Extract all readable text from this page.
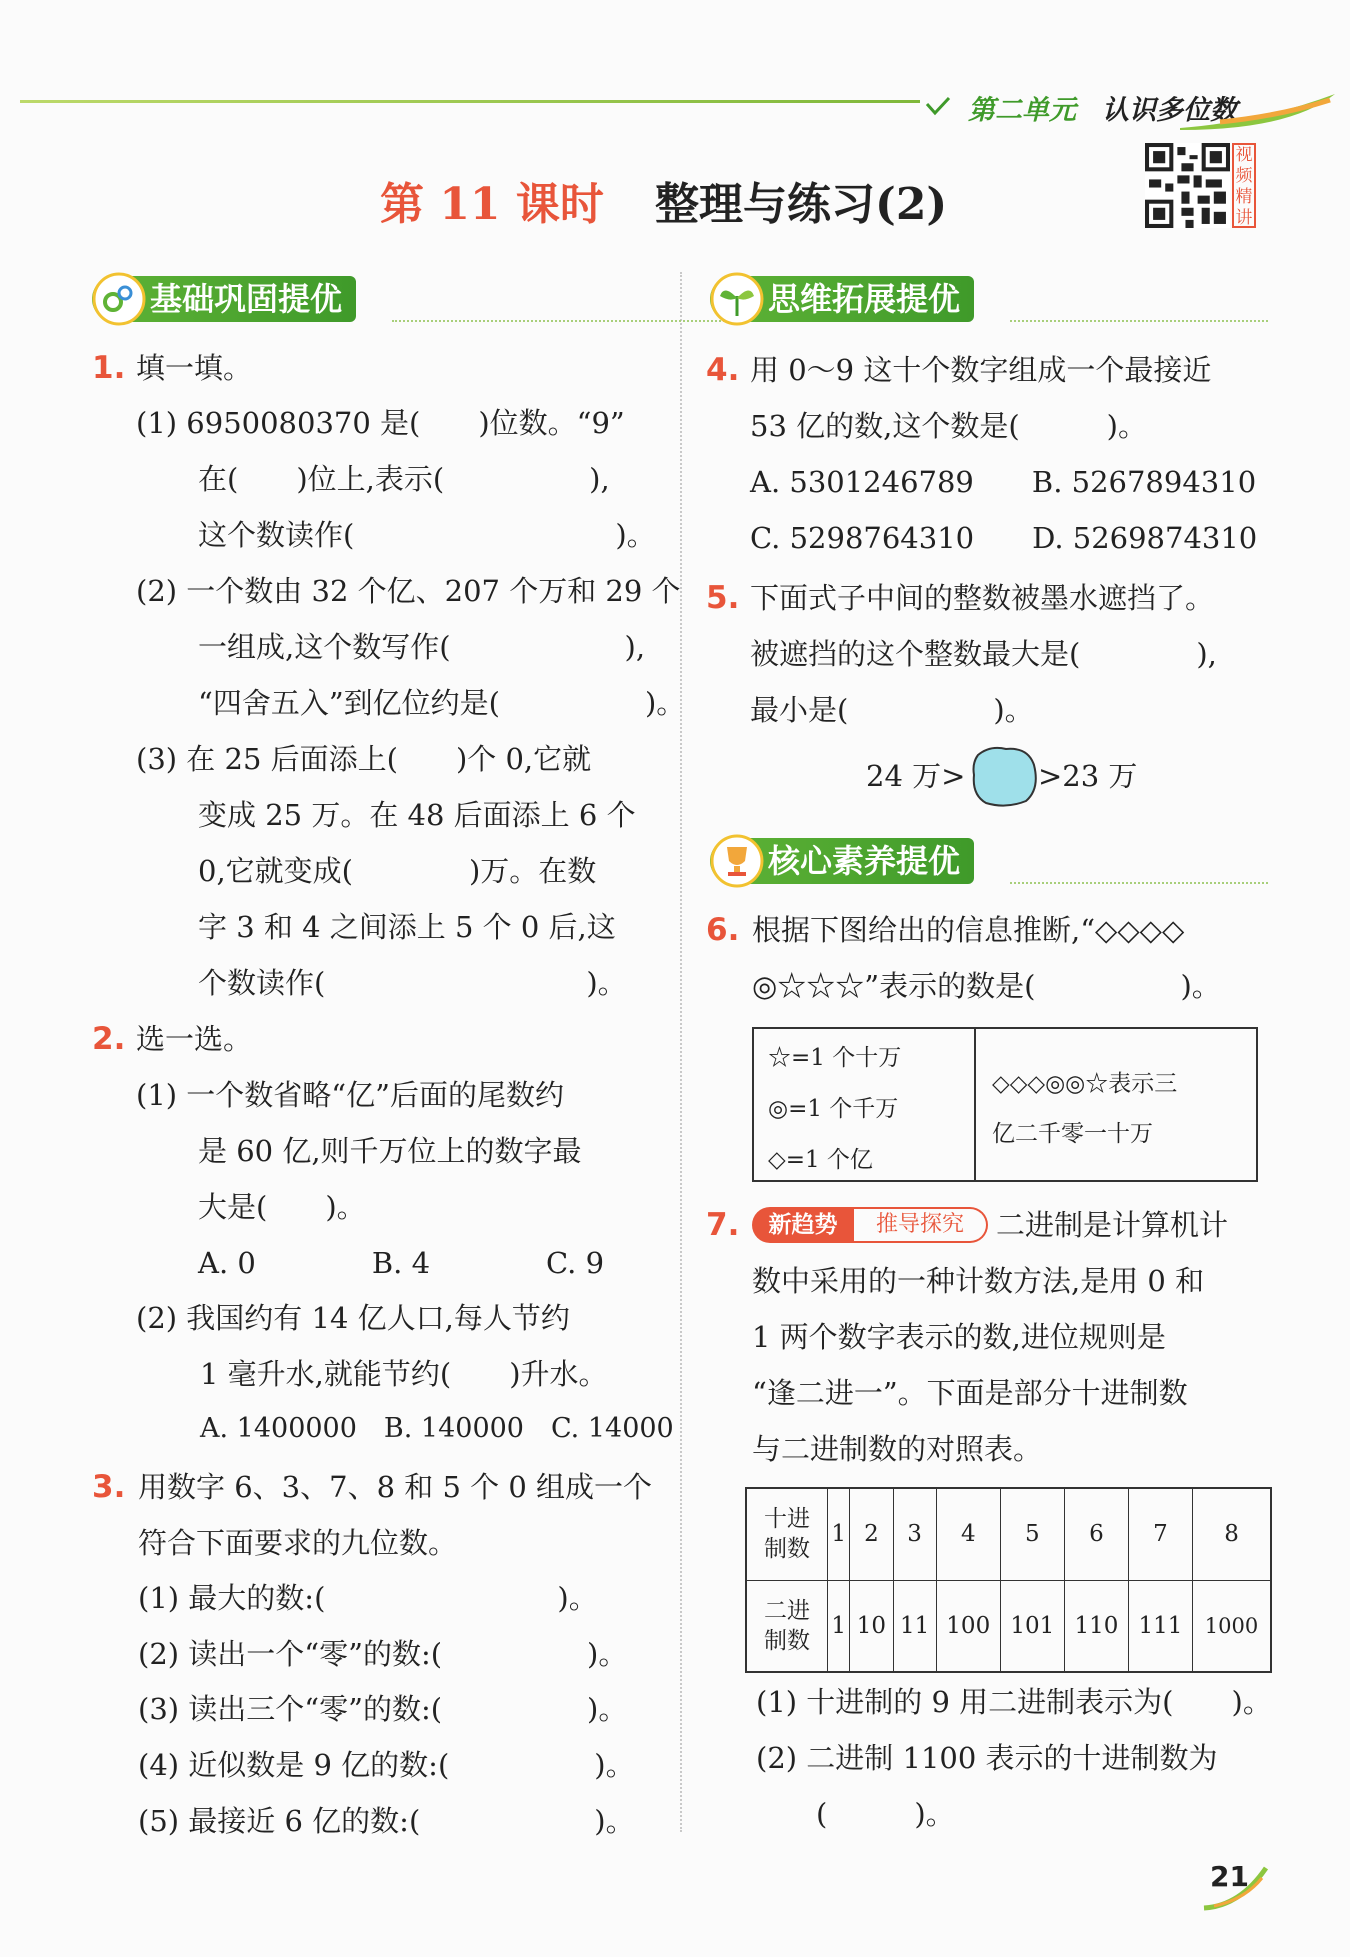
第二单元 认识多位数
第 11 课时 整理与练习(2)
视频精讲
基础巩固提优	思维拓展提优
核心素养提优
1. 填一填。
(1) 6950080370 是(　　)位数。“9”
在(　　)位上,表示(　　　　　),
这个数读作(　　　　　　　　　)。
(2) 一个数由 32 个亿、207 个万和 29 个
一组成,这个数写作(　　　　　　),
“四舍五入”到亿位约是(　　　　　)。
(3) 在 25 后面添上(　　)个 0,它就
变成 25 万。在 48 后面添上 6 个
0,它就变成(　　　　)万。在数
字 3 和 4 之间添上 5 个 0 后,这
个数读作(　　　　　　　　　)。
2. 选一选。
(1) 一个数省略“亿”后面的尾数约
是 60 亿,则千万位上的数字最
大是(　　)。
A. 0　　　　B. 4　　　　C. 9
(2) 我国约有 14 亿人口,每人节约
1 毫升水,就能节约(　　)升水。
A. 1400000　B. 140000　C. 14000
3. 用数字 6、3、7、8 和 5 个 0 组成一个
符合下面要求的九位数。
(1) 最大的数:(　　　　　　　　)。
(2) 读出一个“零”的数:(　　　　　)。
(3) 读出三个“零”的数:(　　　　　)。
(4) 近似数是 9 亿的数:(　　　　　)。
(5) 最接近 6 亿的数:(　　　　　　)。
4. 用 0～9 这十个数字组成一个最接近
53 亿的数,这个数是(　　　)。
A. 5301246789　　B. 5267894310
C. 5298764310　　D. 5269874310
5. 下面式子中间的整数被墨水遮挡了。
被遮挡的这个整数最大是(　　　　),
最小是(　　　　　)。
24 万>	>23 万
6. 根据下图给出的信息推断,“◇◇◇◇
◎☆☆☆”表示的数是(　　　　　)。
☆=1 个十万
◎=1 个千万
◇=1 个亿
◇◇◇◎◎☆表示三
亿二千零一十万
7.	新趋势	推导探究	二进制是计算机计
数中采用的一种计数方法,是用 0 和
1 两个数字表示的数,进位规则是
“逢二进一”。下面是部分十进制数
与二进制数的对照表。
十进
制数	1	2	3	4	5	6	7	8
二进
制数	1	10	11	100	101	110	111	1000
(1) 十进制的 9 用二进制表示为(　　)。
(2) 二进制 1100 表示的十进制数为
(　　　)。
21
